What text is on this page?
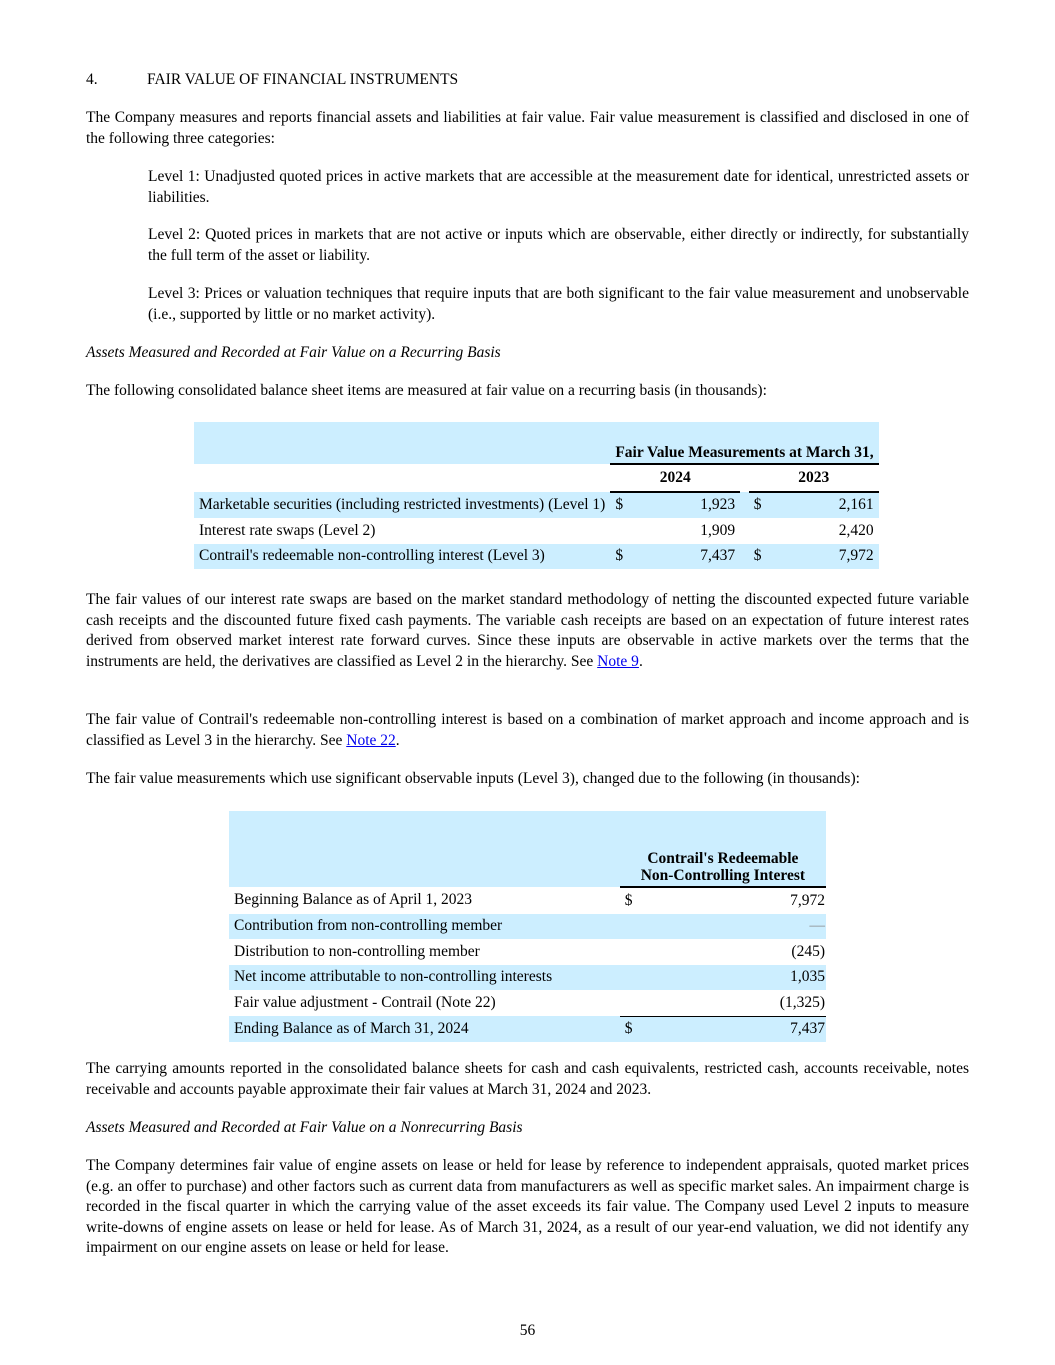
4.	FAIR VALUE OF FINANCIAL INSTRUMENTS

The Company measures and reports financial assets and liabilities at fair value. Fair value measurement is classified and disclosed in one of the following three categories:

Level 1: Unadjusted quoted prices in active markets that are accessible at the measurement date for identical, unrestricted assets or liabilities.

Level 2: Quoted prices in markets that are not active or inputs which are observable, either directly or indirectly, for substantially the full term of the asset or liability.

Level 3: Prices or valuation techniques that require inputs that are both significant to the fair value measurement and unobservable (i.e., supported by little or no market activity).

Assets Measured and Recorded at Fair Value on a Recurring Basis

The following consolidated balance sheet items are measured at fair value on a recurring basis (in thousands):

	Fair Value Measurements at March 31,				
	2024			2023	
Marketable securities (including restricted investments) (Level 1)	$	1,923		$	2,161
Interest rate swaps (Level 2)		1,909			2,420
Contrail's redeemable non-controlling interest (Level 3)	$	7,437		$	7,972

The fair values of our interest rate swaps are based on the market standard methodology of netting the discounted expected future variable cash receipts and the discounted future fixed cash payments. The variable cash receipts are based on an expectation of future interest rates derived from observed market interest rate forward curves. Since these inputs are observable in active markets over the terms that the instruments are held, the derivatives are classified as Level 2 in the hierarchy. See Note 9.

The fair value of Contrail's redeemable non-controlling interest is based on a combination of market approach and income approach and is classified as Level 3 in the hierarchy. See Note 22.

The fair value measurements which use significant observable inputs (Level 3), changed due to the following (in thousands):

	Contrail's Redeemable Non-Controlling Interest	
Beginning Balance as of April 1, 2023	$	7,972
Contribution from non-controlling member		—
Distribution to non-controlling member		(245)
Net income attributable to non-controlling interests		1,035
Fair value adjustment - Contrail (Note 22)		(1,325)
Ending Balance as of March 31, 2024	$	7,437

The carrying amounts reported in the consolidated balance sheets for cash and cash equivalents, restricted cash, accounts receivable, notes receivable and accounts payable approximate their fair values at March 31, 2024 and 2023.

Assets Measured and Recorded at Fair Value on a Nonrecurring Basis

The Company determines fair value of engine assets on lease or held for lease by reference to independent appraisals, quoted market prices (e.g. an offer to purchase) and other factors such as current data from manufacturers as well as specific market sales. An impairment charge is recorded in the fiscal quarter in which the carrying value of the asset exceeds its fair value. The Company used Level 2 inputs to measure write-downs of engine assets on lease or held for lease. As of March 31, 2024, as a result of our year-end valuation, we did not identify any impairment on our engine assets on lease or held for lease.

56
